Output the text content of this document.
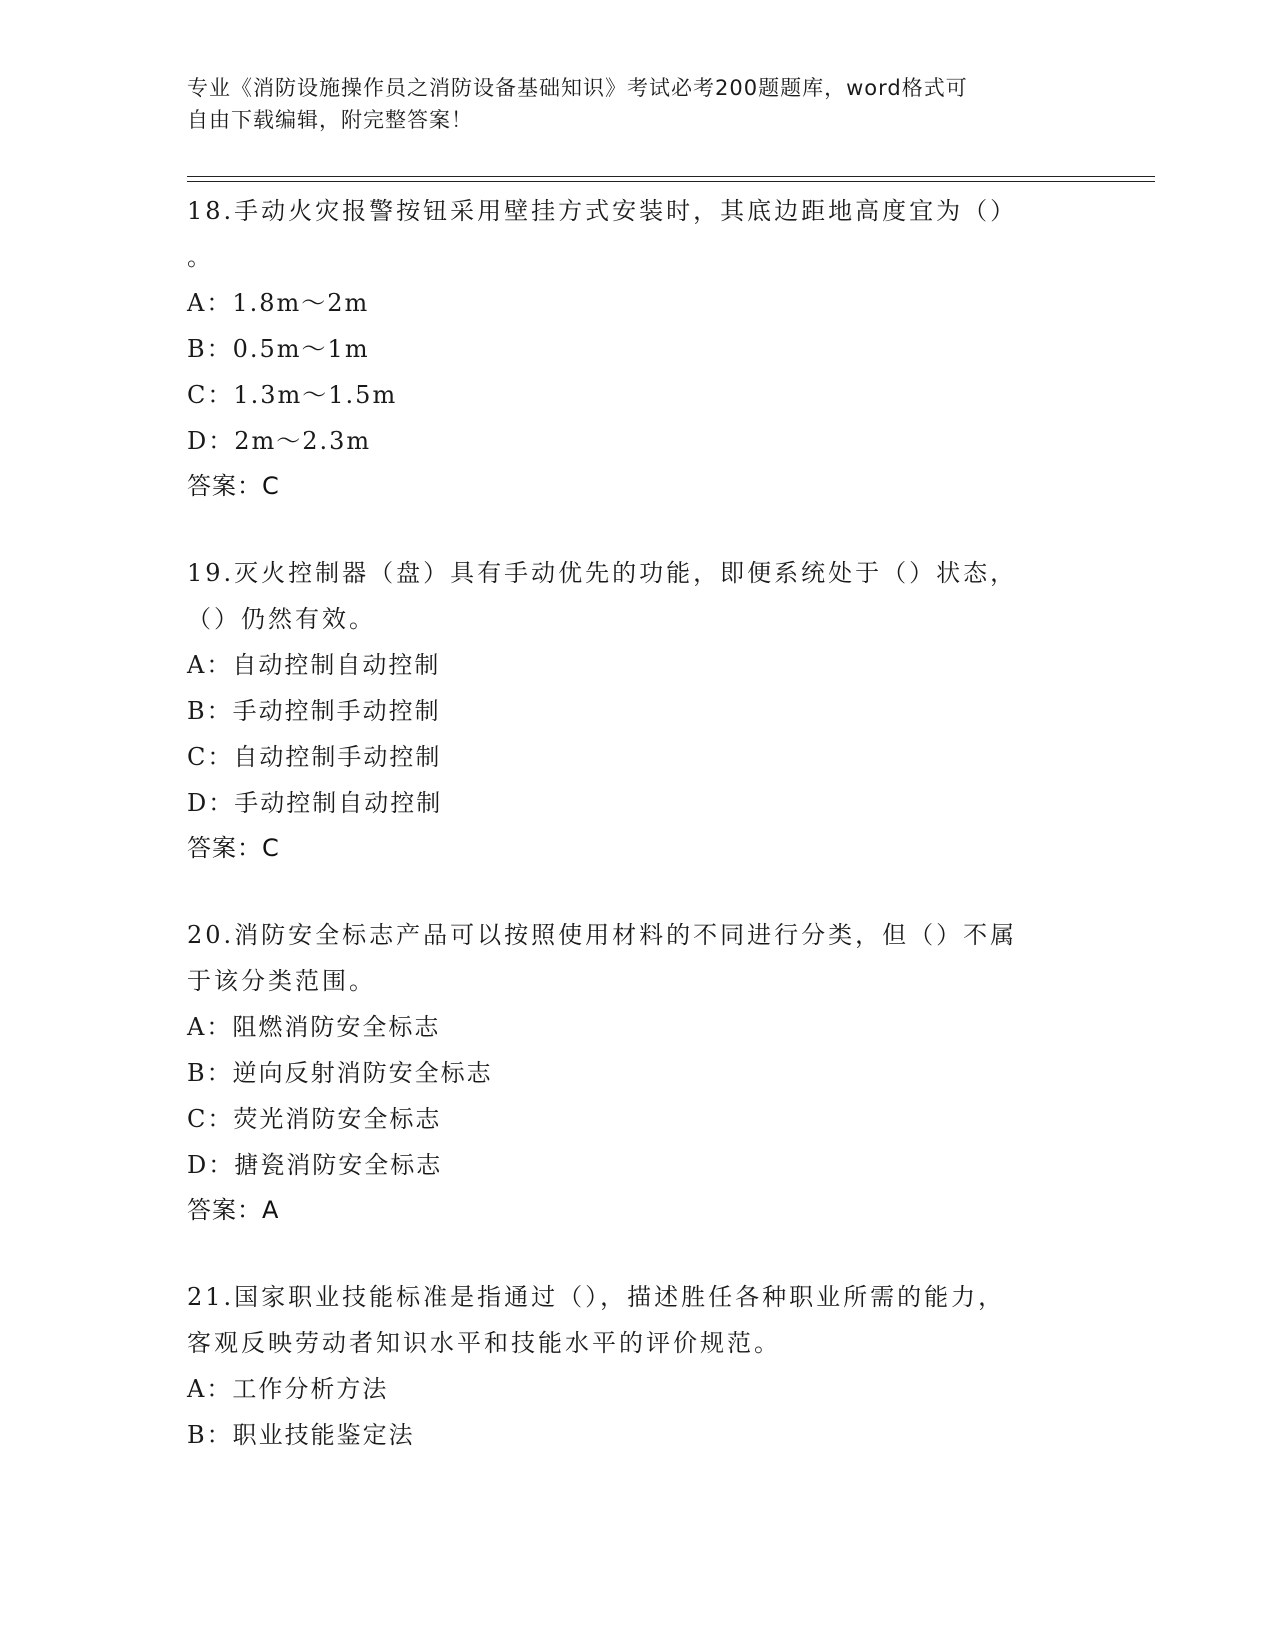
专业《消防设施操作员之消防设备基础知识》考试必考200题题库，word格式可
自由下载编辑，附完整答案！

18.手动火灾报警按钮采用壁挂方式安装时，其底边距地高度宜为（）

。

A：1.8m～2m

B：0.5m～1m

C：1.3m～1.5m

D：2m～2.3m

答案：C

19.灭火控制器（盘）具有手动优先的功能，即便系统处于（）状态，

（）仍然有效。

A：自动控制自动控制

B：手动控制手动控制

C：自动控制手动控制

D：手动控制自动控制

答案：C

20.消防安全标志产品可以按照使用材料的不同进行分类，但（）不属

于该分类范围。

A：阻燃消防安全标志

B：逆向反射消防安全标志

C：荧光消防安全标志

D：搪瓷消防安全标志

答案：A

21.国家职业技能标准是指通过（），描述胜任各种职业所需的能力，

客观反映劳动者知识水平和技能水平的评价规范。

A：工作分析方法

B：职业技能鉴定法
